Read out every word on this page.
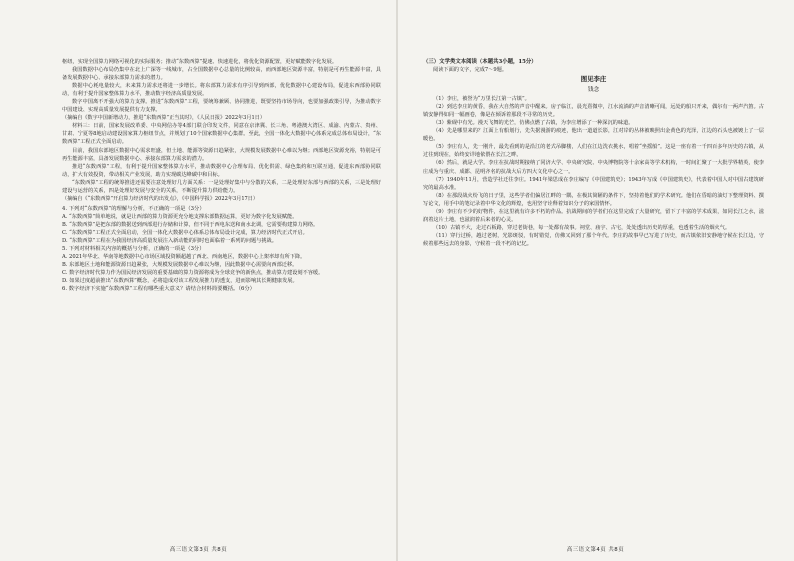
枢纽，实现全国算力网络可视化的实际服务；推动“东数西算”提速、快速进化，将优化资源配置，更好赋能数字化发展。

我国数据中心布局仍集中在北上广深等一线城市，占全国数据中心总量的比例较高，而西部地区资源丰富，特别是可再生能源丰富，具备发展数据中心、承接东部算力需求的潜力。

数据中心耗电量较大，未来算力需求还将进一步增长。将东部算力需求有序引导到西部，优化数据中心建设布局，促进东西部协同联动，有利于提升国家整体算力水平，推动数字经济高质量发展。

数字中国离不开强大的算力支撑。推进“东数西算”工程，要统筹兼顾、协同推进，既要坚持市场导向，也要加强政策引导，为推动数字中国建设、实现高质量发展提供有力支撑。

（摘编自《数字中国新增动力，推进“东数西算”正当其时》，《人民日报》2022年3月1日）

材料三：日前，国家发展改革委、中央网信办等4部门联合印发文件，同意在京津冀、长三角、粤港澳大湾区、成渝、内蒙古、贵州、甘肃、宁夏等8地启动建设国家算力枢纽节点，并规划了10个国家数据中心集群。至此，全国一体化大数据中心体系完成总体布局设计，“东数西算”工程正式全面启动。

目前，我国东部地区数据中心需求旺盛，但土地、能源等资源日趋紧张，大规模发展数据中心难以为继；西部地区资源充裕，特别是可再生能源丰富，具备发展数据中心、承接东部算力需求的潜力。

推进“东数西算”工程，有利于提升国家整体算力水平，推动数据中心合理布局、优化供需、绿色集约和互联互通，促进东西部协同联动，扩大有效投资，带动相关产业发展，助力实现碳达峰碳中和目标。

“东数西算”工程的统筹推进还需要注意处理好几方面关系：一是处理好集中与分散的关系，二是处理好东部与西部的关系，三是处理好建设与运营的关系，四是处理好发展与安全的关系，不断提升算力供给能力。

（摘编自《“东数西算”开启算力经济时代的出发点》，《中国科学报》2022年3月17日）

4. 下列对“东数西算”的理解与分析，不正确的一项是（3分）

A. “东数西算”简单地说，就是让西部的算力资源更充分地支撑东部数据运算，更好为数字化发展赋能。

B. “东数西算”是把东部的数据送到西部进行存储和计算，但不同于西电东送和南水北调，它需要构建算力网络。

C. “东数西算”工程正式全面启动，全国一体化大数据中心体系总体布局设计完成，算力经济时代正式开启。

D. “东数西算”工程在为我国经济高质量发展注入新动能的同时也面临着一系列的问题与挑战。

5. 下列对材料相关内容的概括与分析，正确的一项是（3分）

A. 2021年华北、华南等地数据中心市场区域投资额超越了西北、西南地区，数据中心上架率却有所下降。

B. 东部地区土地和能源资源日趋紧张，大规模发展数据中心难以为继，因此数据中心需要向西部迁移。

C. 数字经济时代算力作为国民经济发展的重要基础的算力资源将成为全球竞争的新焦点，推动算力建设刻不容缓。

D. 如果过度超前推出“东数西算”概念，必将造成对该工程发展推力的透支，进而影响其长期健康发展。

6. 数字经济下实施“东数西算”工程有哪些重大意义？请结合材料简要概括。（6分）

高三语文第3页 共8页

（三）文学类文本阅读（本题共3小题，15分）

阅读下面的文字，完成7～9题。

图见李庄

钱念

（1）李庄，被誉为“万里长江第一古镇”。

（2）到达李庄的黄昏，我在大自然的声音中醒来。房子临江，晨光熹微中，江水流淌的声音清晰可闻，远处的船只开来，偶尔有一两声汽笛。古镇安静得如同一幅画卷，像是在倾诉着那段不寻常的历史。

（3）紫砚中有光。漫天飞舞的光芒，仿佛点燃了古镇，为李庄增添了一种深沉的味道。

（4）先是哪里来的？江面上有船划行，先失据漫游的痕迹，他出一道道长影，江对岸的丛林被映照出金黄色的光泽，江边的石头也被镀上了一层暖色。

（5）李庄有人，先一刚升，最先看到的是沿江的老式吊脚楼，人们在江边洗衣挑水，唱着“坐摇船”。这是一座有着一千四百多年历史的古镇，从过往到现在，始终安详地依偎在长江之畔。

（6）然后，就是大学。李庄在抗战时期接纳了同济大学、中央研究院、中央博物院等十余家高等学术机构，一时间汇聚了一大批学界精英，使李庄成为与重庆、成都、昆明齐名的抗战大后方四大文化中心之一。

（7）1940年11月，营造学社迁往李庄。1941年梁思成在李庄编写《中国建筑史》；1943年写成《中国建筑史》，代表着中国人对中国古建筑研究的最高水准。

（8）在那段战火纷飞的日子里，这些学者们偏居江畔的一隅，在极其简陋的条件下，坚持着他们的学术研究。他们在昏暗的油灯下整理资料、撰写论文，用手中的笔记录着中华文化的辉煌，也用坚守诠释着知识分子的家国情怀。

（9）李庄有不少的好物件，在这里就有许多不朽的作品。抗战期间的学者们在这里完成了大量研究，留下了丰富的学术成果，如同长江之水，滋润着这片土地，也滋润着后来者的心灵。

（10）古镇不大，走过石板路，穿过老街巷，每一处都有故事。祠堂、庙宇、古宅，处处透出历史的厚重，也透着生活的烟火气。

（11）穿行过桥，越过老树，光影斑驳，有时错觉，仿佛又回到了那个年代。李庄的故事早已写进了历史，而古镇依旧安静地守候在长江边，守候着那些远去的身影，守候着一段不朽的记忆。

高三语文第4页 共8页
